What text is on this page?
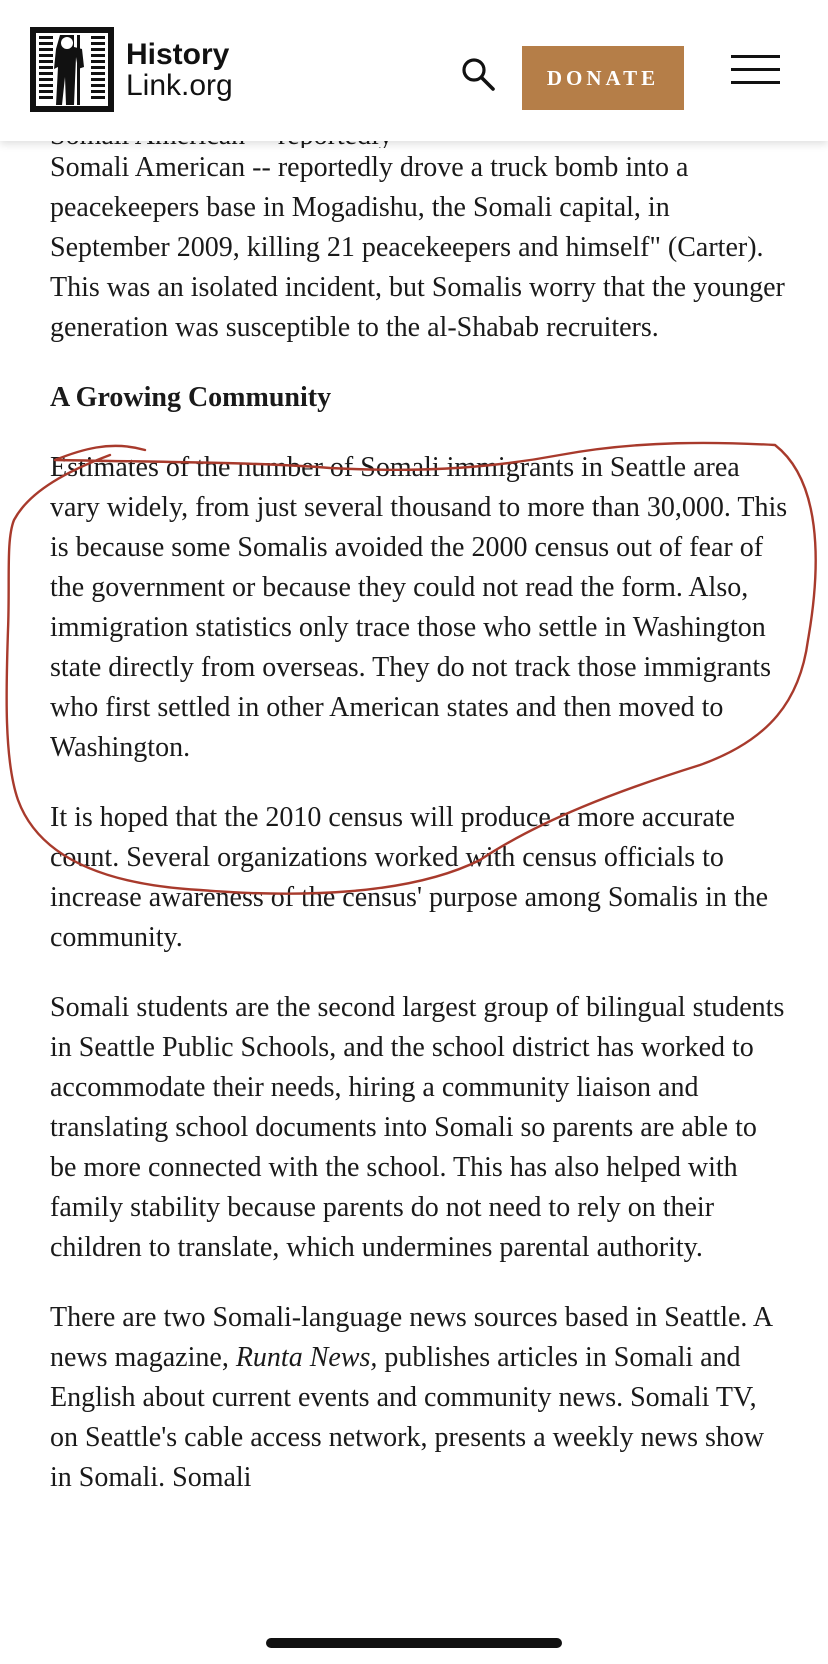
History
Link.org	DONATE

Somali American -- reportedly drove a truck bomb into a peacekeepers base in Mogadishu, the Somali capital, in September 2009, killing 21 peacekeepers and himself" (Carter). This was an isolated incident, but Somalis worry that the younger generation was susceptible to the al-Shabab recruiters.

A Growing Community

Estimates of the number of Somali immigrants in Seattle area vary widely, from just several thousand to more than 30,000. This is because some Somalis avoided the 2000 census out of fear of the government or because they could not read the form. Also, immigration statistics only trace those who settle in Washington state directly from overseas. They do not track those immigrants who first settled in other American states and then moved to Washington.

It is hoped that the 2010 census will produce a more accurate count. Several organizations worked with census officials to increase awareness of the census' purpose among Somalis in the community.

Somali students are the second largest group of bilingual students in Seattle Public Schools, and the school district has worked to accommodate their needs, hiring a community liaison and translating school documents into Somali so parents are able to be more connected with the school. This has also helped with family stability because parents do not need to rely on their children to translate, which undermines parental authority.

There are two Somali-language news sources based in Seattle. A news magazine, Runta News, publishes articles in Somali and English about current events and community news. Somali TV, on Seattle's cable access network, presents a weekly news show in Somali. Somali
